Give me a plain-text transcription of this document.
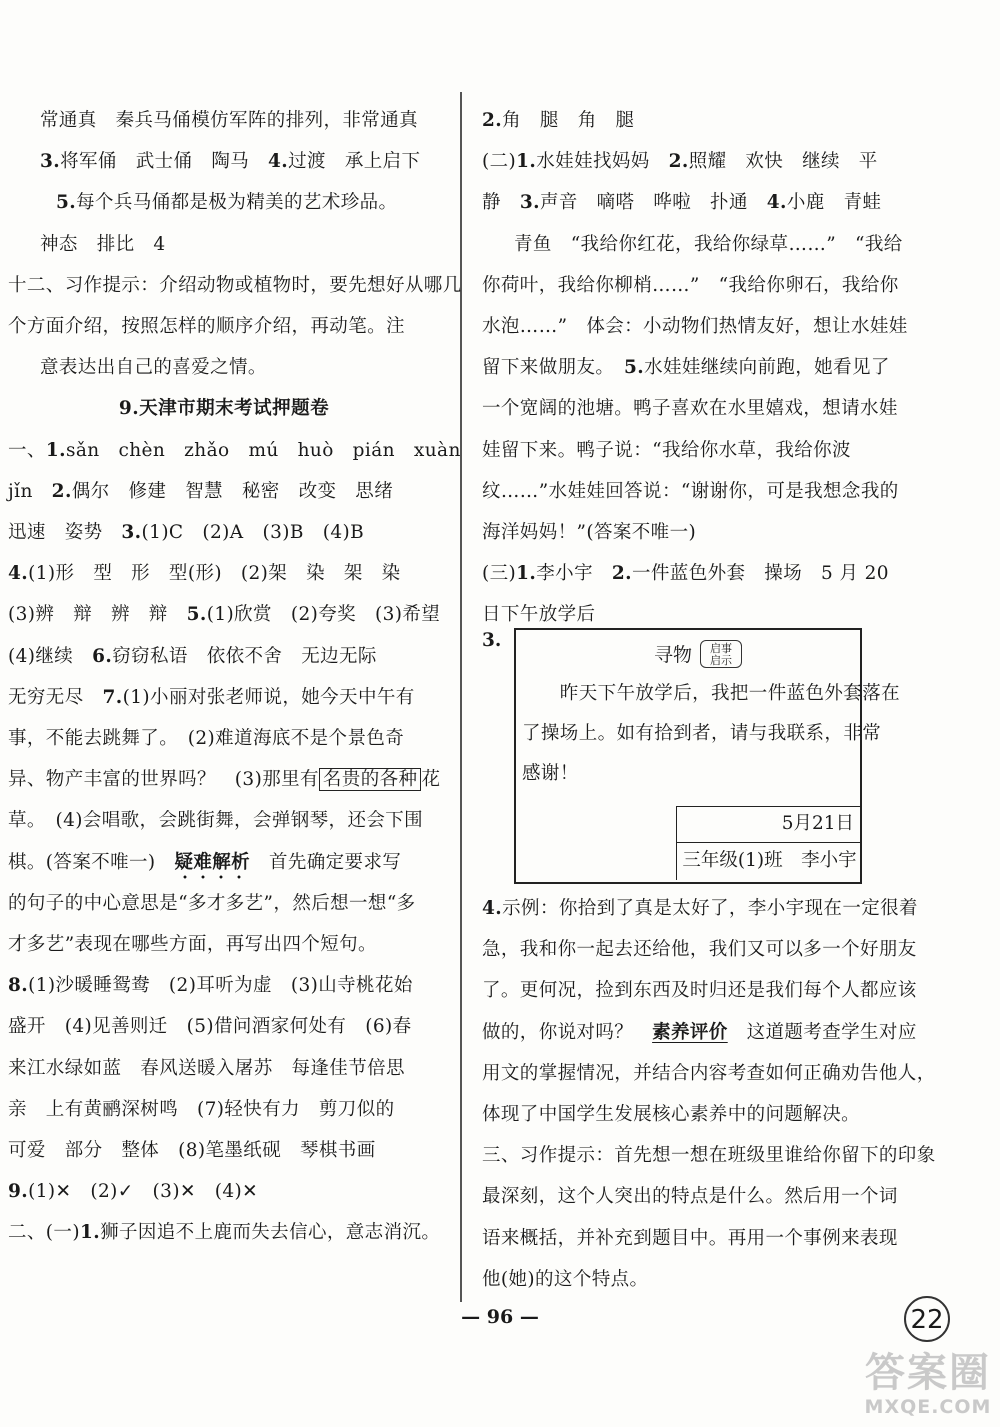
常通真　秦兵马俑模仿军阵的排列，非常通真
3.将军俑　武士俑　陶马　4.过渡　承上启下
5.每个兵马俑都是极为精美的艺术珍品。
神态　排比　4
十二、习作提示：介绍动物或植物时，要先想好从哪几
个方面介绍，按照怎样的顺序介绍，再动笔。注
意表达出自己的喜爱之情。
9.天津市期末考试押题卷
一、1.sǎn　chèn　zhǎo　mú　huò　pián　xuàn
jǐn　2.偶尔　修建　智慧　秘密　改变　思绪
迅速　姿势　3.(1)C　(2)A　(3)B　(4)B
4.(1)形　型　形　型(形)　(2)架　染　架　染
(3)辨　辩　辨　辩　5.(1)欣赏　(2)夸奖　(3)希望
(4)继续　6.窃窃私语　依依不舍　无边无际
无穷无尽　7.(1)小丽对张老师说，她今天中午有
事，不能去跳舞了。　(2)难道海底不是个景色奇
异、物产丰富的世界吗？　(3)那里有 名贵的各种 花
草。　(4)会唱歌，会跳街舞，会弹钢琴，还会下围
棋。(答案不唯一)　疑难解析　首先确定要求写
的句子的中心意思是“多才多艺”，然后想一想“多
才多艺”表现在哪些方面，再写出四个短句。
8.(1)沙暖睡鸳鸯　(2)耳听为虚　(3)山寺桃花始
盛开　(4)见善则迁　(5)借问酒家何处有　(6)春
来江水绿如蓝　春风送暖入屠苏　每逢佳节倍思
亲　上有黄鹂深树鸣　(7)轻快有力　剪刀似的
可爱　部分　整体　(8)笔墨纸砚　琴棋书画
9.(1)✕　(2)✓　(3)✕　(4)✕
二、(一)1.狮子因追不上鹿而失去信心，意志消沉。
2.角　腿　角　腿
(二)1.水娃娃找妈妈　2.照耀　欢快　继续　平
静　3.声音　嘀嗒　哗啦　扑通　4.小鹿　青蛙
青鱼　“我给你红花，我给你绿草……”　“我给
你荷叶，我给你柳梢……”　“我给你卵石，我给你
水泡……”　体会：小动物们热情友好，想让水娃娃
留下来做朋友。　5.水娃娃继续向前跑，她看见了
一个宽阔的池塘。鸭子喜欢在水里嬉戏，想请水娃
娃留下来。鸭子说：“我给你水草，我给你波
纹……”水娃娃回答说：“谢谢你，可是我想念我的
海洋妈妈！”(答案不唯一)
(三)1.李小宇　2.一件蓝色外套　操场　5 月 20
日下午放学后
3.
寻物	启事
启示
　　昨天下午放学后，我把一件蓝色外套落在
了操场上。如有拾到者，请与我联系，非常
感谢！
5月21日
三年级(1)班　李小宇
4.示例：你拾到了真是太好了，李小宇现在一定很着
急，我和你一起去还给他，我们又可以多一个好朋友
了。更何况，捡到东西及时归还是我们每个人都应该
做的，你说对吗？　素养评价　这道题考查学生对应
用文的掌握情况，并结合内容考查如何正确劝告他人，
体现了中国学生发展核心素养中的问题解决。
三、习作提示：首先想一想在班级里谁给你留下的印象
最深刻，这个人突出的特点是什么。然后用一个词
语来概括，并补充到题目中。再用一个事例来表现
他(她)的这个特点。
— 96 —	22
答案圈
MXQE.COM
